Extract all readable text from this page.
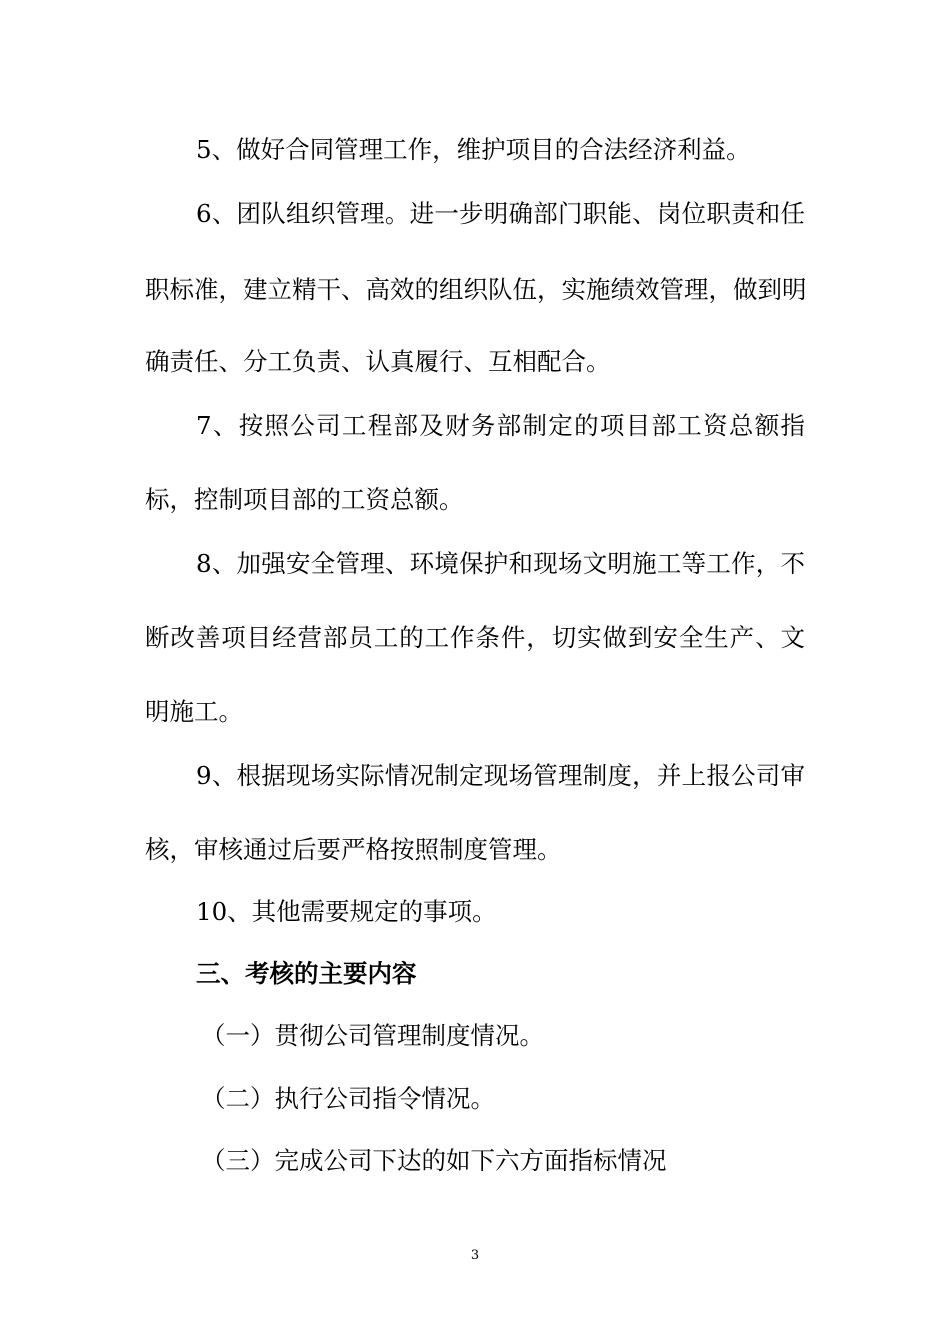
5、做好合同管理工作，维护项目的合法经济利益。
6、团队组织管理。进一步明确部门职能、岗位职责和任
职标准，建立精干、高效的组织队伍，实施绩效管理，做到明
确责任、分工负责、认真履行、互相配合。
7、按照公司工程部及财务部制定的项目部工资总额指
标，控制项目部的工资总额。
8、加强安全管理、环境保护和现场文明施工等工作，不
断改善项目经营部员工的工作条件，切实做到安全生产、文
明施工。
9、根据现场实际情况制定现场管理制度，并上报公司审
核，审核通过后要严格按照制度管理。
10、其他需要规定的事项。
三、考核的主要内容
（一）贯彻公司管理制度情况。
（二）执行公司指令情况。
（三）完成公司下达的如下六方面指标情况
3
